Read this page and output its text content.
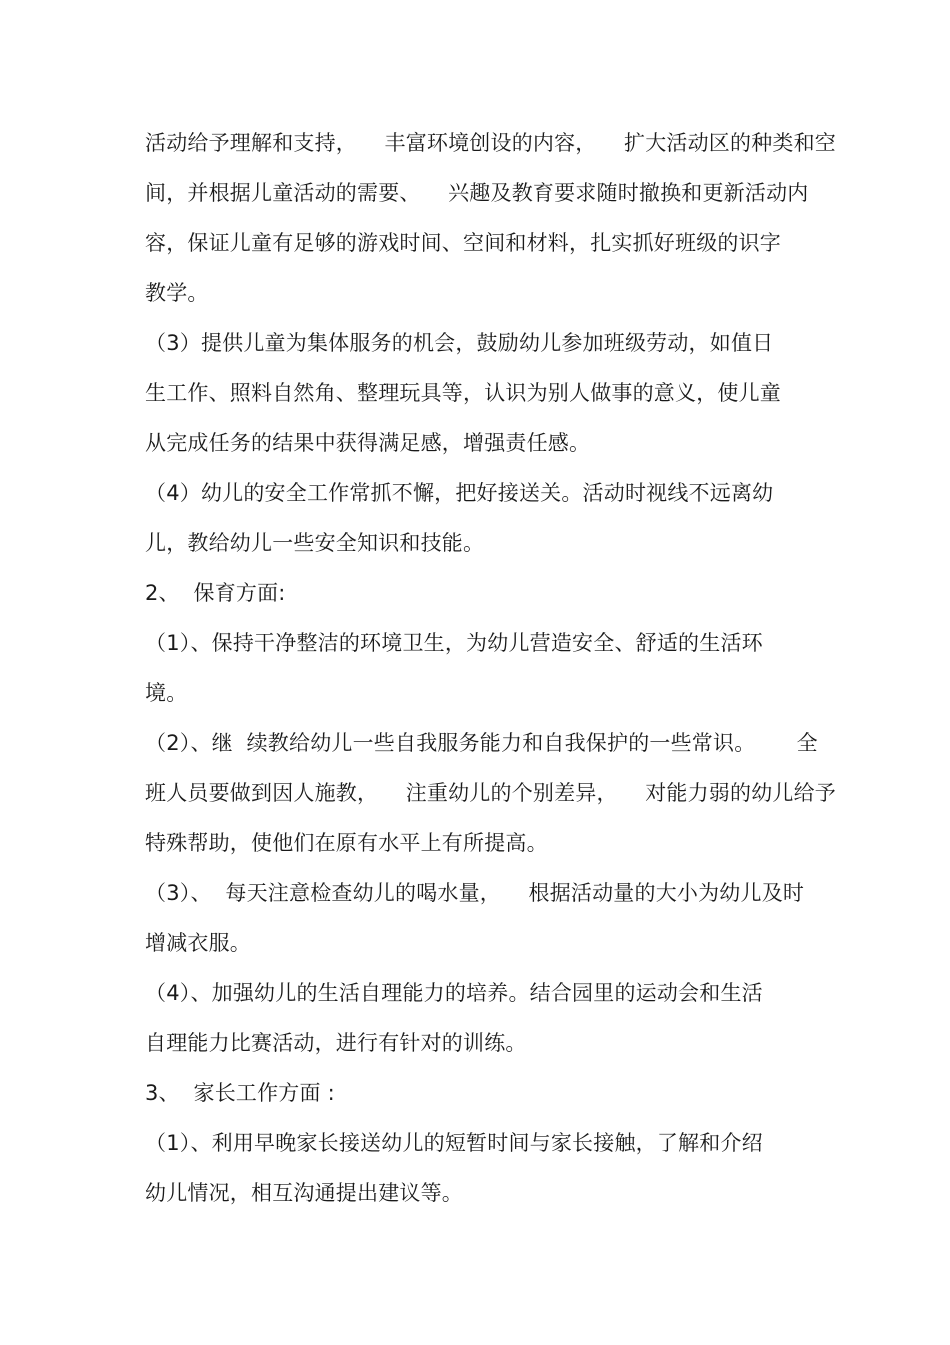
活动给予理解和支持，    丰富环境创设的内容，    扩大活动区的种类和空
间，并根据儿童活动的需要、    兴趣及教育要求随时撤换和更新活动内
容，保证儿童有足够的游戏时间、空间和材料，扎实抓好班级的识字
教学。
（3）提供儿童为集体服务的机会，鼓励幼儿参加班级劳动，如值日
生工作、照料自然角、整理玩具等，认识为别人做事的意义，使儿童
从完成任务的结果中获得满足感，增强责任感。
（4）幼儿的安全工作常抓不懈，把好接送关。活动时视线不远离幼
儿，教给幼儿一些安全知识和技能。
2、  保育方面:
（1）、保持干净整洁的环境卫生，为幼儿营造安全、舒适的生活环
境。
（2）、继  续教给幼儿一些自我服务能力和自我保护的一些常识。      全
班人员要做到因人施教，    注重幼儿的个别差异，    对能力弱的幼儿给予
特殊帮助，使他们在原有水平上有所提高。
（3）、  每天注意检查幼儿的喝水量，    根据活动量的大小为幼儿及时
增减衣服。
（4）、加强幼儿的生活自理能力的培养。结合园里的运动会和生活
自理能力比赛活动，进行有针对的训练。
3、  家长工作方面 :
（1）、利用早晚家长接送幼儿的短暂时间与家长接触，了解和介绍
幼儿情况，相互沟通提出建议等。
